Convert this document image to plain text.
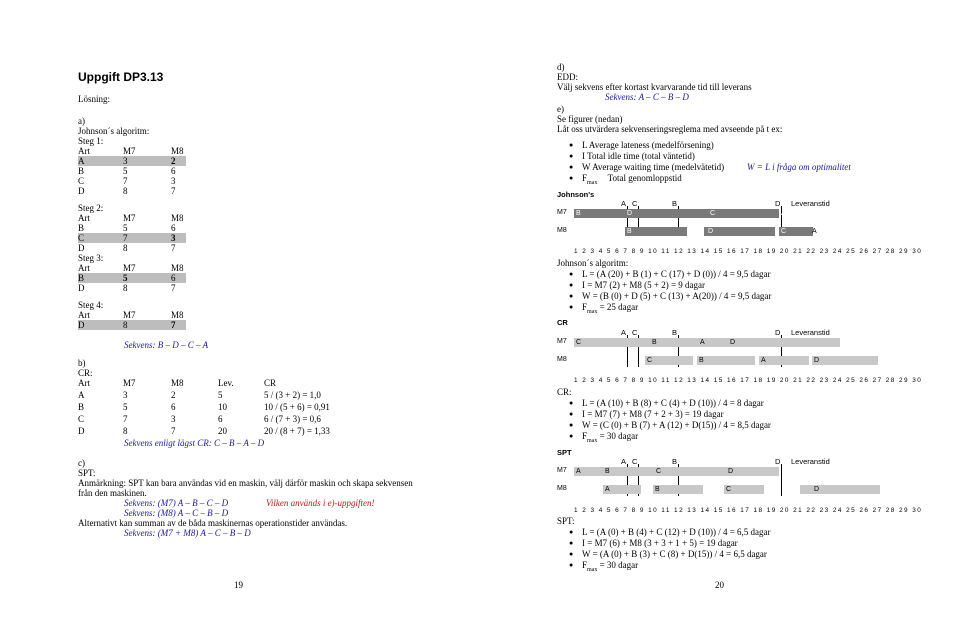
Uppgift DP3.13
Lösning:
a)
Johnson´s algoritm:
Steg 1:
Art	M7	M8
A	3	2
B	5	6
C	7	3
D	8	7
Steg 2:
Art	M7	M8
B	5	6
C	7	3
D	8	7
Steg 3:
Art	M7	M8
B	5	6
D	8	7
Steg 4:
Art	M7	M8
D	8	7
Sekvens: B – D – C – A
b)
CR:
Art	M7	M8	Lev.	CR
A	3	2	5	5 / (3 + 2) = 1,0
B	5	6	10	10 / (5 + 6) = 0,91
C	7	3	6	6 / (7 + 3) = 0,6
D	8	7	20	20 / (8 + 7) = 1,33
Sekvens enligt lägst CR: C – B – A – D
c)
SPT:
Anmärkning: SPT kan bara användas vid en maskin, välj därför maskin och skapa sekvensen
från den maskinen.
Sekvens: (M7) A – B – C – D	Vilken används i e)-uppgiften!
Sekvens: (M8) A – C – B – D
Alternativt kan summan av de båda maskinernas operationstider användas.
Sekvens: (M7 + M8) A – C – B – D
19
d)
EDD:
Välj sekvens efter kortast kvarvarande tid till leverans
Sekvens: A – C – B – D
e)
Se figurer (nedan)
Låt oss utvärdera sekvenseringsreglema med avseende på t ex:
● L Average lateness (medelförsening)
● I Total idle time (total väntetid)
● W Average waiting time (medelvätetid)	W = L i fråga om optimalitet
● $F_{max}$ Total genomloppstid
Johnson's
A C	B	D Leveranstid
M7
M8
B	D	C	A
B	D	C	A
1 2 3 4 5 6 7 8 9 10 11 12 13 14 15 16 17 18 19 20 21 22 23 24 25 26 27 28 29 30
Johnson´s algoritm:
● L = (A (20) + B (1) + C (17) + D (0)) / 4 = 9,5 dagar
● I = M7 (2) + M8 (5 + 2) = 9 dagar
● W = (B (0) + D (5) + C (13) + A(20)) / 4 = 9,5 dagar
● $F_{max} = 25$ dagar
CR
A C	B	D Leveranstid
M7
M8
C	B	A	D
C	B	A	D
1 2 3 4 5 6 7 8 9 10 11 12 13 14 15 16 17 18 19 20 21 22 23 24 25 26 27 28 29 30
CR:
● L = (A (10) + B (8) + C (4) + D (10)) / 4 = 8 dagar
● I = M7 (7) + M8 (7 + 2 + 3) = 19 dagar
● W = (C (0) + B (7) + A (12) + D(15)) / 4 = 8,5 dagar
● $F_{max} = 30$ dagar
SPT
A C	B	D Leveranstid
M7
M8
A	B	C	D
A	B	C	D
1 2 3 4 5 6 7 8 9 10 11 12 13 14 15 16 17 18 19 20 21 22 23 24 25 26 27 28 29 30
SPT:
● L = (A (0) + B (4) + C (12) + D (10)) / 4 = 6,5 dagar
● I = M7 (6) + M8 (3 + 3 + 1 + 5) = 19 dagar
● W = (A (0) + B (3) + C (8) + D(15)) / 4 = 6,5 dagar
● $F_{max} = 30$ dagar
20
